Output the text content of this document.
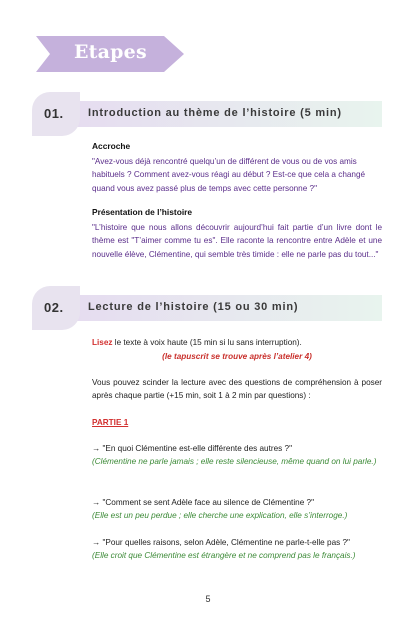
Etapes
Introduction au thème de l’histoire (5 min)
01.
Accroche
"Avez-vous déjà rencontré quelqu’un de différent de vous ou de vos amis habituels ? Comment avez-vous réagi au début ? Est-ce que cela a changé quand vous avez passé plus de temps avec cette personne ?"
Présentation de l’histoire
"L’histoire que nous allons découvrir aujourd’hui fait partie d’un livre dont le thème est "T’aimer comme tu es". Elle raconte la rencontre entre Adèle et une nouvelle élève, Clémentine, qui semble très timide : elle ne parle pas du tout..."
Lecture de l’histoire (15 ou 30 min)
02.
Lisez le texte à voix haute (15 min si lu sans interruption).
(le tapuscrit se trouve après l’atelier 4)
Vous pouvez scinder la lecture avec des questions de compréhension à poser après chaque partie (+15 min, soit 1 à 2 min par questions) :
PARTIE 1
→ "En quoi Clémentine est-elle différente des autres ?"
(Clémentine ne parle jamais ; elle reste silencieuse, même quand on lui parle.)
→ "Comment se sent Adèle face au silence de Clémentine ?"
(Elle est un peu perdue ; elle cherche une explication, elle s’interroge.)
→ "Pour quelles raisons, selon Adèle, Clémentine ne parle-t-elle pas ?"
(Elle croit que Clémentine est étrangère et ne comprend pas le français.)
5
